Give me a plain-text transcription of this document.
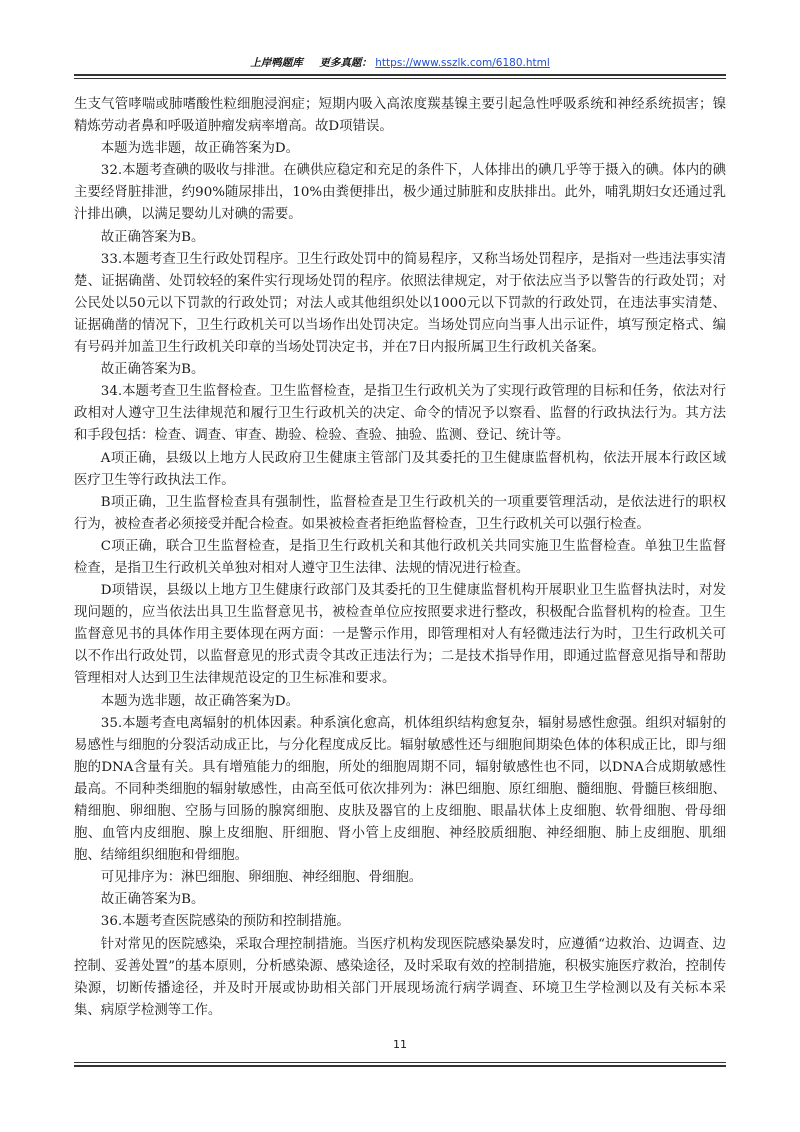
上岸鸭题库 更多真题： https://www.sszlk.com/6180.html

生支气管哮喘或肺嗜酸性粒细胞浸润症；短期内吸入高浓度羰基镍主要引起急性呼吸系统和神经系统损害；镍精炼劳动者鼻和呼吸道肿瘤发病率增高。故D项错误。

本题为选非题，故正确答案为D。

32.本题考查碘的吸收与排泄。在碘供应稳定和充足的条件下，人体排出的碘几乎等于摄入的碘。体内的碘主要经肾脏排泄，约90%随尿排出，10%由粪便排出，极少通过肺脏和皮肤排出。此外，哺乳期妇女还通过乳汁排出碘，以满足婴幼儿对碘的需要。

故正确答案为B。

33.本题考查卫生行政处罚程序。卫生行政处罚中的简易程序，又称当场处罚程序，是指对一些违法事实清楚、证据确凿、处罚较轻的案件实行现场处罚的程序。依照法律规定，对于依法应当予以警告的行政处罚；对公民处以50元以下罚款的行政处罚；对法人或其他组织处以1000元以下罚款的行政处罚，在违法事实清楚、证据确凿的情况下，卫生行政机关可以当场作出处罚决定。当场处罚应向当事人出示证件，填写预定格式、编有号码并加盖卫生行政机关印章的当场处罚决定书，并在7日内报所属卫生行政机关备案。

故正确答案为B。

34.本题考查卫生监督检查。卫生监督检查，是指卫生行政机关为了实现行政管理的目标和任务，依法对行政相对人遵守卫生法律规范和履行卫生行政机关的决定、命令的情况予以察看、监督的行政执法行为。其方法和手段包括：检查、调查、审查、勘验、检验、查验、抽验、监测、登记、统计等。

A项正确，县级以上地方人民政府卫生健康主管部门及其委托的卫生健康监督机构，依法开展本行政区域医疗卫生等行政执法工作。

B项正确，卫生监督检查具有强制性，监督检查是卫生行政机关的一项重要管理活动，是依法进行的职权行为，被检查者必须接受并配合检查。如果被检查者拒绝监督检查，卫生行政机关可以强行检查。

C项正确，联合卫生监督检查，是指卫生行政机关和其他行政机关共同实施卫生监督检查。单独卫生监督检查，是指卫生行政机关单独对相对人遵守卫生法律、法规的情况进行检查。

D项错误，县级以上地方卫生健康行政部门及其委托的卫生健康监督机构开展职业卫生监督执法时，对发现问题的，应当依法出具卫生监督意见书，被检查单位应按照要求进行整改，积极配合监督机构的检查。卫生监督意见书的具体作用主要体现在两方面：一是警示作用，即管理相对人有轻微违法行为时，卫生行政机关可以不作出行政处罚，以监督意见的形式责令其改正违法行为；二是技术指导作用，即通过监督意见指导和帮助管理相对人达到卫生法律规范设定的卫生标准和要求。

本题为选非题，故正确答案为D。

35.本题考查电离辐射的机体因素。种系演化愈高，机体组织结构愈复杂，辐射易感性愈强。组织对辐射的易感性与细胞的分裂活动成正比，与分化程度成反比。辐射敏感性还与细胞间期染色体的体积成正比，即与细胞的DNA含量有关。具有增殖能力的细胞，所处的细胞周期不同，辐射敏感性也不同，以DNA合成期敏感性最高。不同种类细胞的辐射敏感性，由高至低可依次排列为：淋巴细胞、原红细胞、髓细胞、骨髓巨核细胞、精细胞、卵细胞、空肠与回肠的腺窝细胞、皮肤及器官的上皮细胞、眼晶状体上皮细胞、软骨细胞、骨母细胞、血管内皮细胞、腺上皮细胞、肝细胞、肾小管上皮细胞、神经胶质细胞、神经细胞、肺上皮细胞、肌细胞、结缔组织细胞和骨细胞。

可见排序为：淋巴细胞、卵细胞、神经细胞、骨细胞。

故正确答案为B。

36.本题考查医院感染的预防和控制措施。

针对常见的医院感染，采取合理控制措施。当医疗机构发现医院感染暴发时，应遵循“边救治、边调查、边控制、妥善处置”的基本原则，分析感染源、感染途径，及时采取有效的控制措施，积极实施医疗救治，控制传染源，切断传播途径，并及时开展或协助相关部门开展现场流行病学调查、环境卫生学检测以及有关标本采集、病原学检测等工作。

11
